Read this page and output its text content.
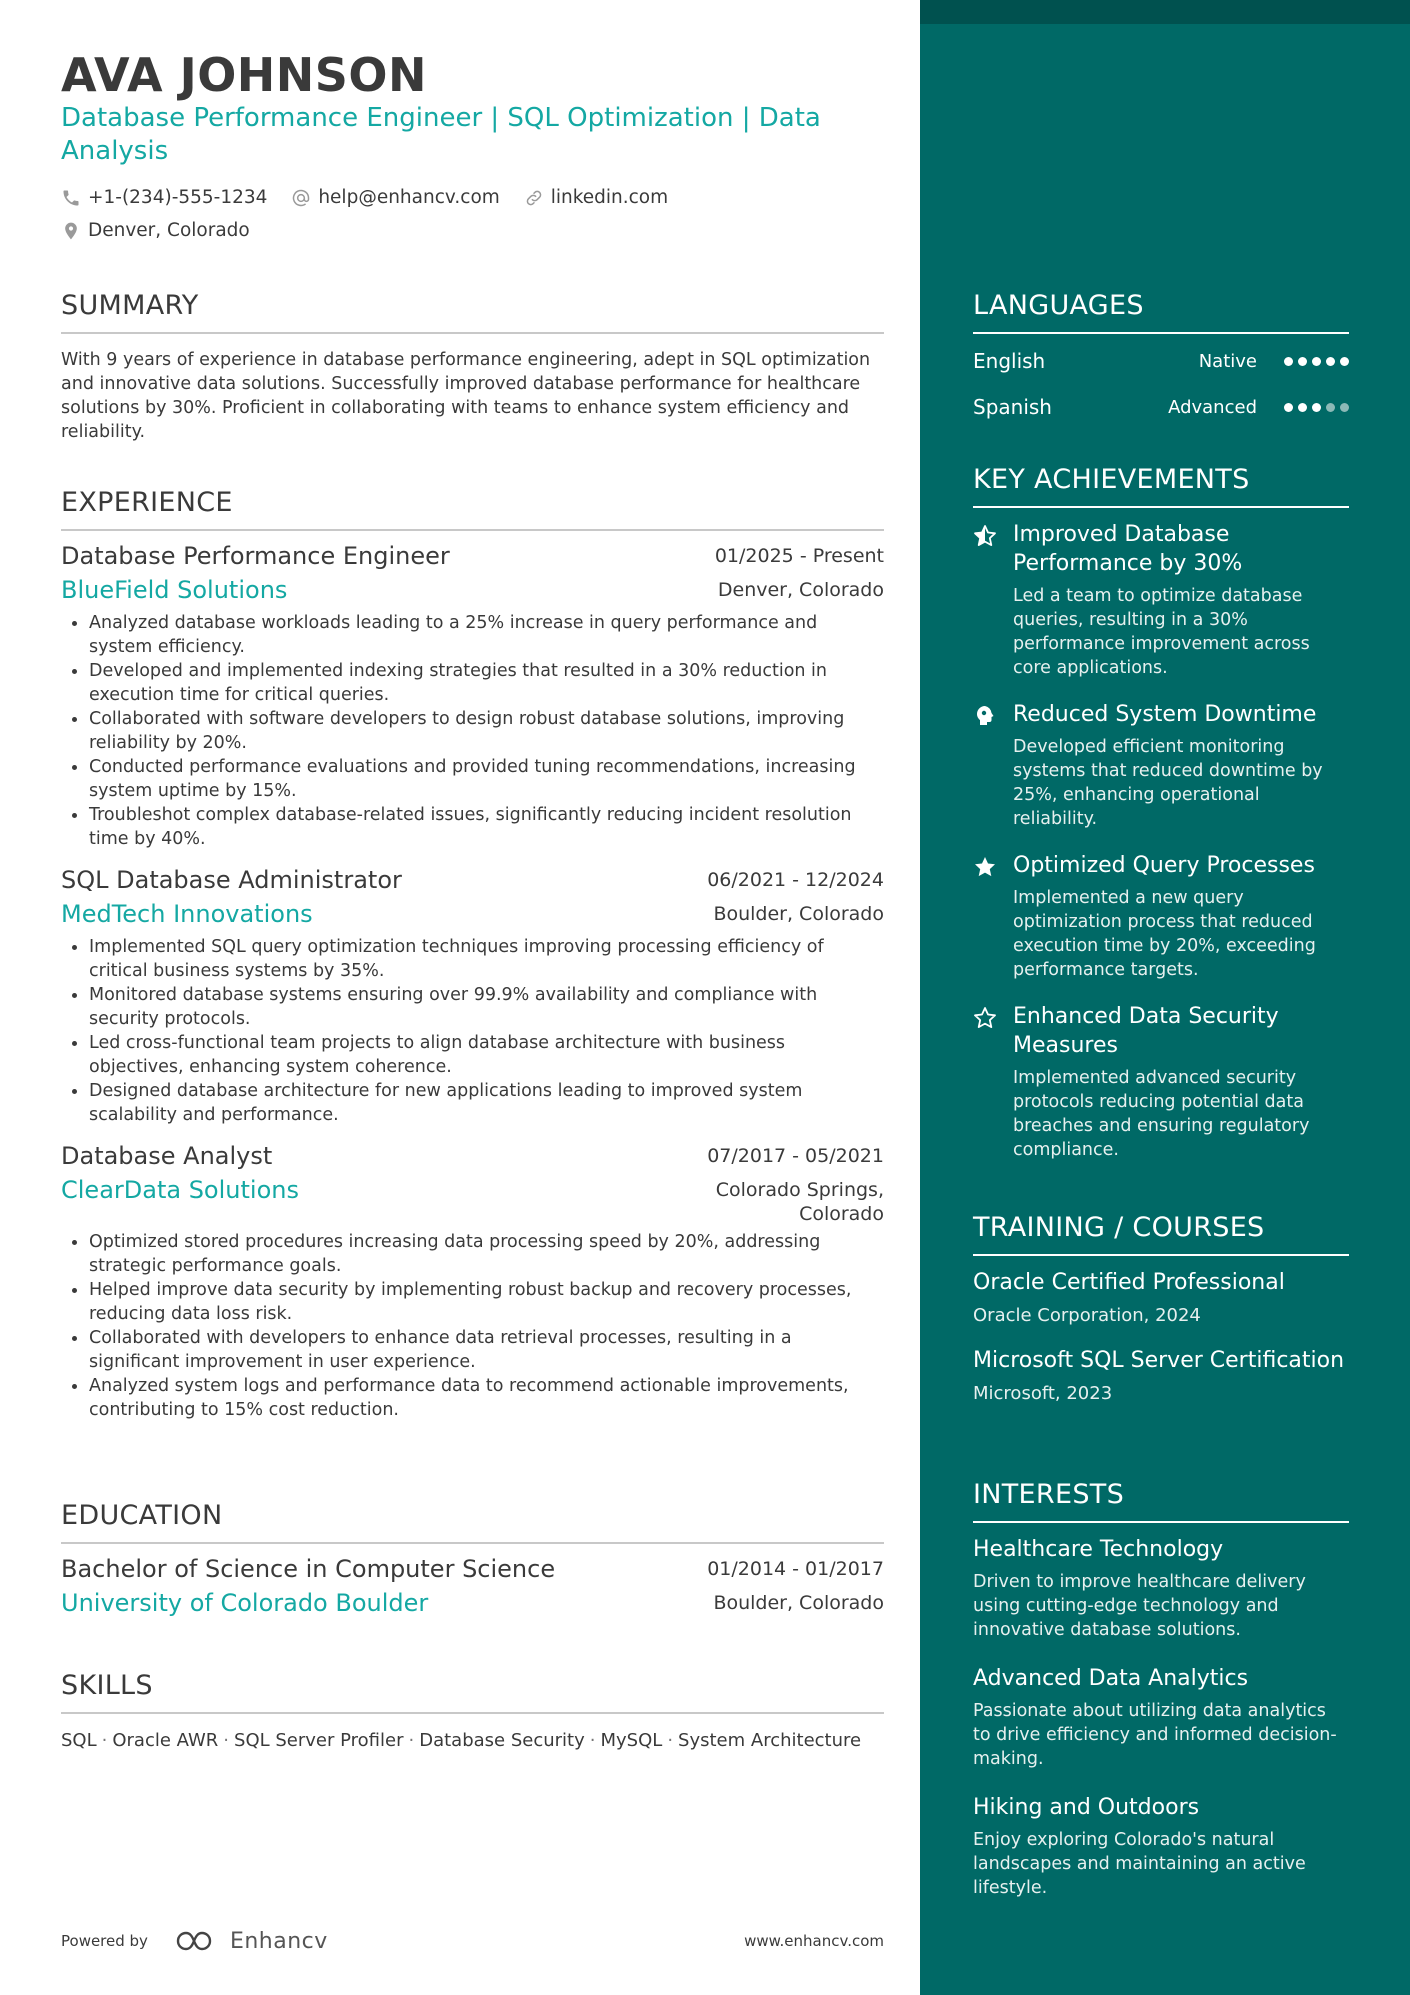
AVA JOHNSON
Database Performance Engineer | SQL Optimization | Data Analysis
+1-(234)-555-1234
	help@enhancv.com
	linkedin.com

Denver, Colorado
SUMMARY
With 9 years of experience in database performance engineering, adept in SQL optimization and innovative data solutions. Successfully improved database performance for healthcare solutions by 30%. Proficient in collaborating with teams to enhance system efficiency and reliability.
EXPERIENCE
Database Performance Engineer	01/2025 - Present
BlueField Solutions	Denver, Colorado
Analyzed database workloads leading to a 25% increase in query performance and system efficiency.
Developed and implemented indexing strategies that resulted in a 30% reduction in execution time for critical queries.
Collaborated with software developers to design robust database solutions, improving reliability by 20%.
Conducted performance evaluations and provided tuning recommendations, increasing system uptime by 15%.
Troubleshot complex database-related issues, significantly reducing incident resolution time by 40%.
SQL Database Administrator	06/2021 - 12/2024
MedTech Innovations	Boulder, Colorado
Implemented SQL query optimization techniques improving processing efficiency of critical business systems by 35%.
Monitored database systems ensuring over 99.9% availability and compliance with security protocols.
Led cross-functional team projects to align database architecture with business objectives, enhancing system coherence.
Designed database architecture for new applications leading to improved system scalability and performance.
Database Analyst	07/2017 - 05/2021
ClearData Solutions	Colorado Springs, Colorado
Optimized stored procedures increasing data processing speed by 20%, addressing strategic performance goals.
Helped improve data security by implementing robust backup and recovery processes, reducing data loss risk.
Collaborated with developers to enhance data retrieval processes, resulting in a significant improvement in user experience.
Analyzed system logs and performance data to recommend actionable improvements, contributing to 15% cost reduction.
EDUCATION
Bachelor of Science in Computer Science	01/2014 - 01/2017
University of Colorado Boulder	Boulder, Colorado
SKILLS
SQL · Oracle AWR · SQL Server Profiler · Database Security · MySQL · System Architecture
Powered by	Enhancv	www.enhancv.com
LANGUAGES
English	Native
Spanish	Advanced
KEY ACHIEVEMENTS
Improved Database Performance by 30%
Led a team to optimize database queries, resulting in a 30% performance improvement across core applications.
Reduced System Downtime
Developed efficient monitoring systems that reduced downtime by 25%, enhancing operational reliability.
Optimized Query Processes
Implemented a new query optimization process that reduced execution time by 20%, exceeding performance targets.
Enhanced Data Security Measures
Implemented advanced security protocols reducing potential data breaches and ensuring regulatory compliance.
TRAINING / COURSES
Oracle Certified Professional
Oracle Corporation, 2024
Microsoft SQL Server Certification
Microsoft, 2023
INTERESTS
Healthcare Technology
Driven to improve healthcare delivery using cutting-edge technology and innovative database solutions.
Advanced Data Analytics
Passionate about utilizing data analytics to drive efficiency and informed decision-making.
Hiking and Outdoors
Enjoy exploring Colorado's natural landscapes and maintaining an active lifestyle.
